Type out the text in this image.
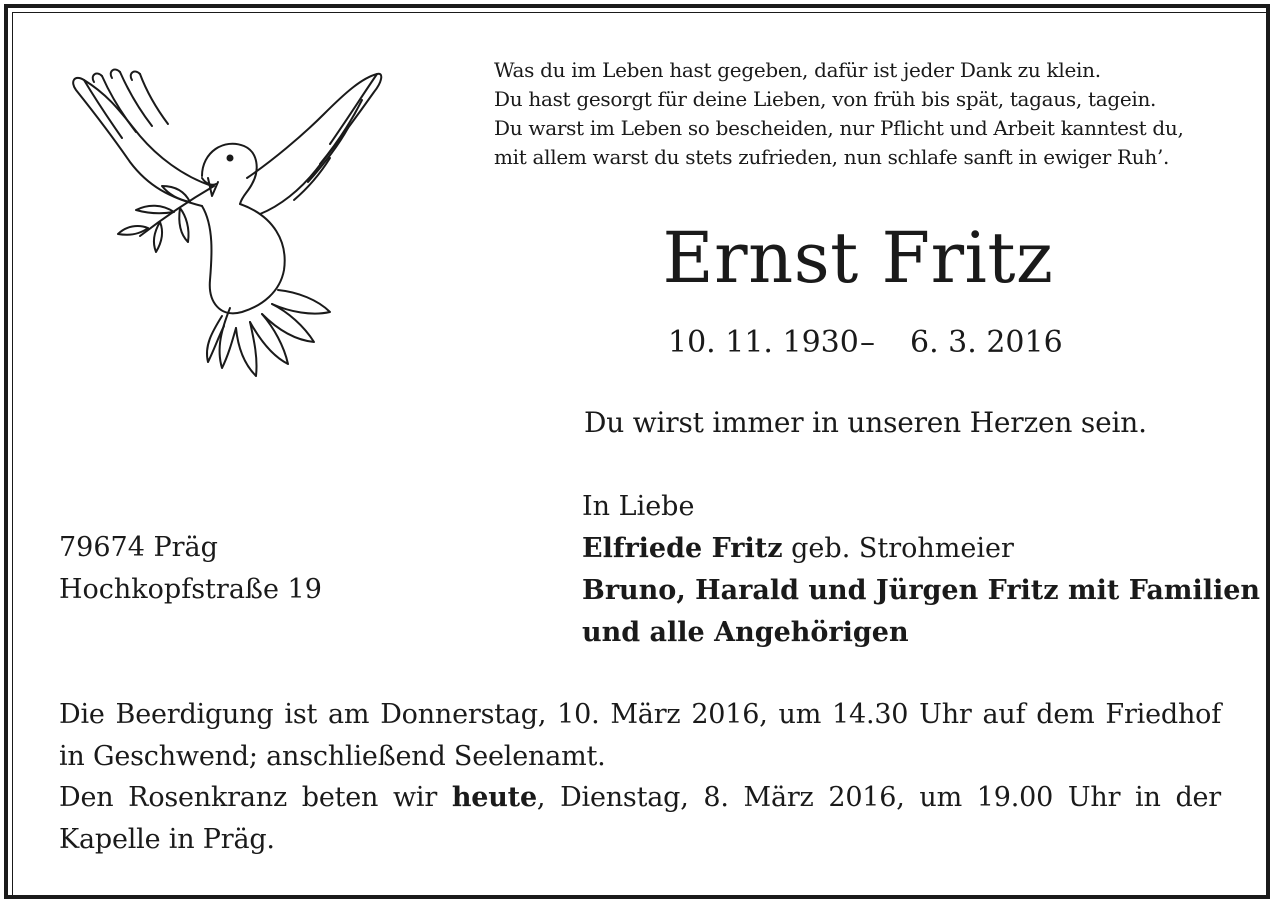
Was du im Leben hast gegeben, dafür ist jeder Dank zu klein.
Du hast gesorgt für deine Lieben, von früh bis spät, tagaus, tagein.
Du warst im Leben so bescheiden, nur Pflicht und Arbeit kanntest du,
mit allem warst du stets zufrieden, nun schlafe sanft in ewiger Ruh’.
Ernst Fritz
10. 11. 1930 – 6. 3. 2016
Du wirst immer in unseren Herzen sein.
79674 Präg
Hochkopfstraße 19
In Liebe
Elfriede Fritz geb. Strohmeier
Bruno, Harald und Jürgen Fritz mit Familien
und alle Angehörigen
Die Beerdigung ist am Donnerstag, 10. März 2016, um 14.30 Uhr auf dem Friedhof
in Geschwend; anschließend Seelenamt.
Den Rosenkranz beten wir heute, Dienstag, 8. März 2016, um 19.00 Uhr in der
Kapelle in Präg.
